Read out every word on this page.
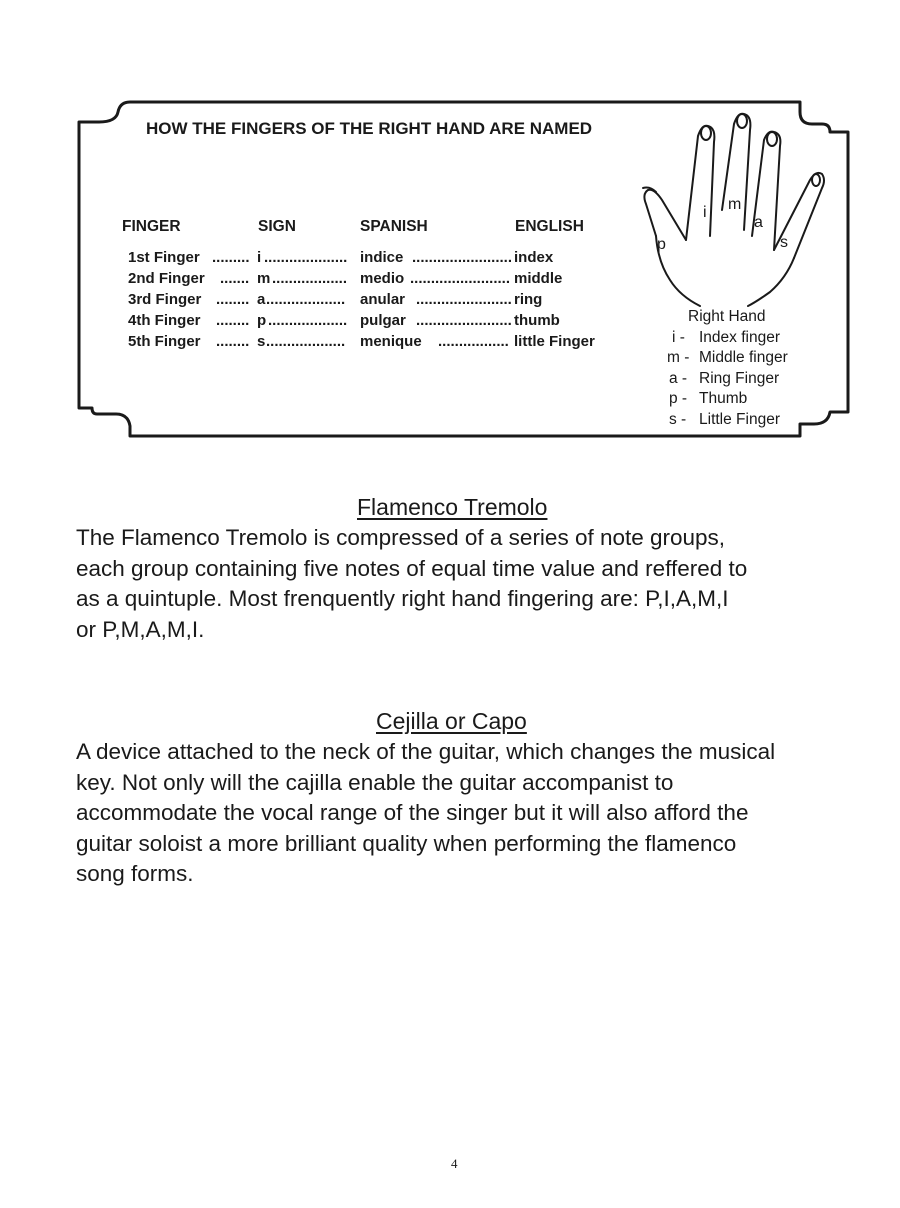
p
i m
a
s
HOW THE FINGERS OF THE RIGHT HAND ARE NAMED
FINGER	SIGN	SPANISH	ENGLISH
1st Finger ......... i .................... indice ........................ index
2nd Finger ....... m .................. medio ........................ middle
3rd Finger ........ a ................... anular ....................... ring
4th Finger ........ p ................... pulgar ....................... thumb
5th Finger ........ s ................... menique ................. little Finger
Right Hand
i - Index finger
m - Middle finger
a - Ring Finger
p - Thumb
s - Little Finger
Flamenco Tremolo
The Flamenco Tremolo is compressed of a series of note groups,
each group containing five notes of equal time value and reffered to
as a quintuple. Most frenquently right hand fingering are: P,I,A,M,I
or P,M,A,M,I.
Cejilla or Capo
A device attached to the neck of the guitar, which changes the musical
key. Not only will the cajilla enable the guitar accompanist to
accommodate the vocal range of the singer but it will also afford the
guitar soloist a more brilliant quality when performing the flamenco
song forms.
4
